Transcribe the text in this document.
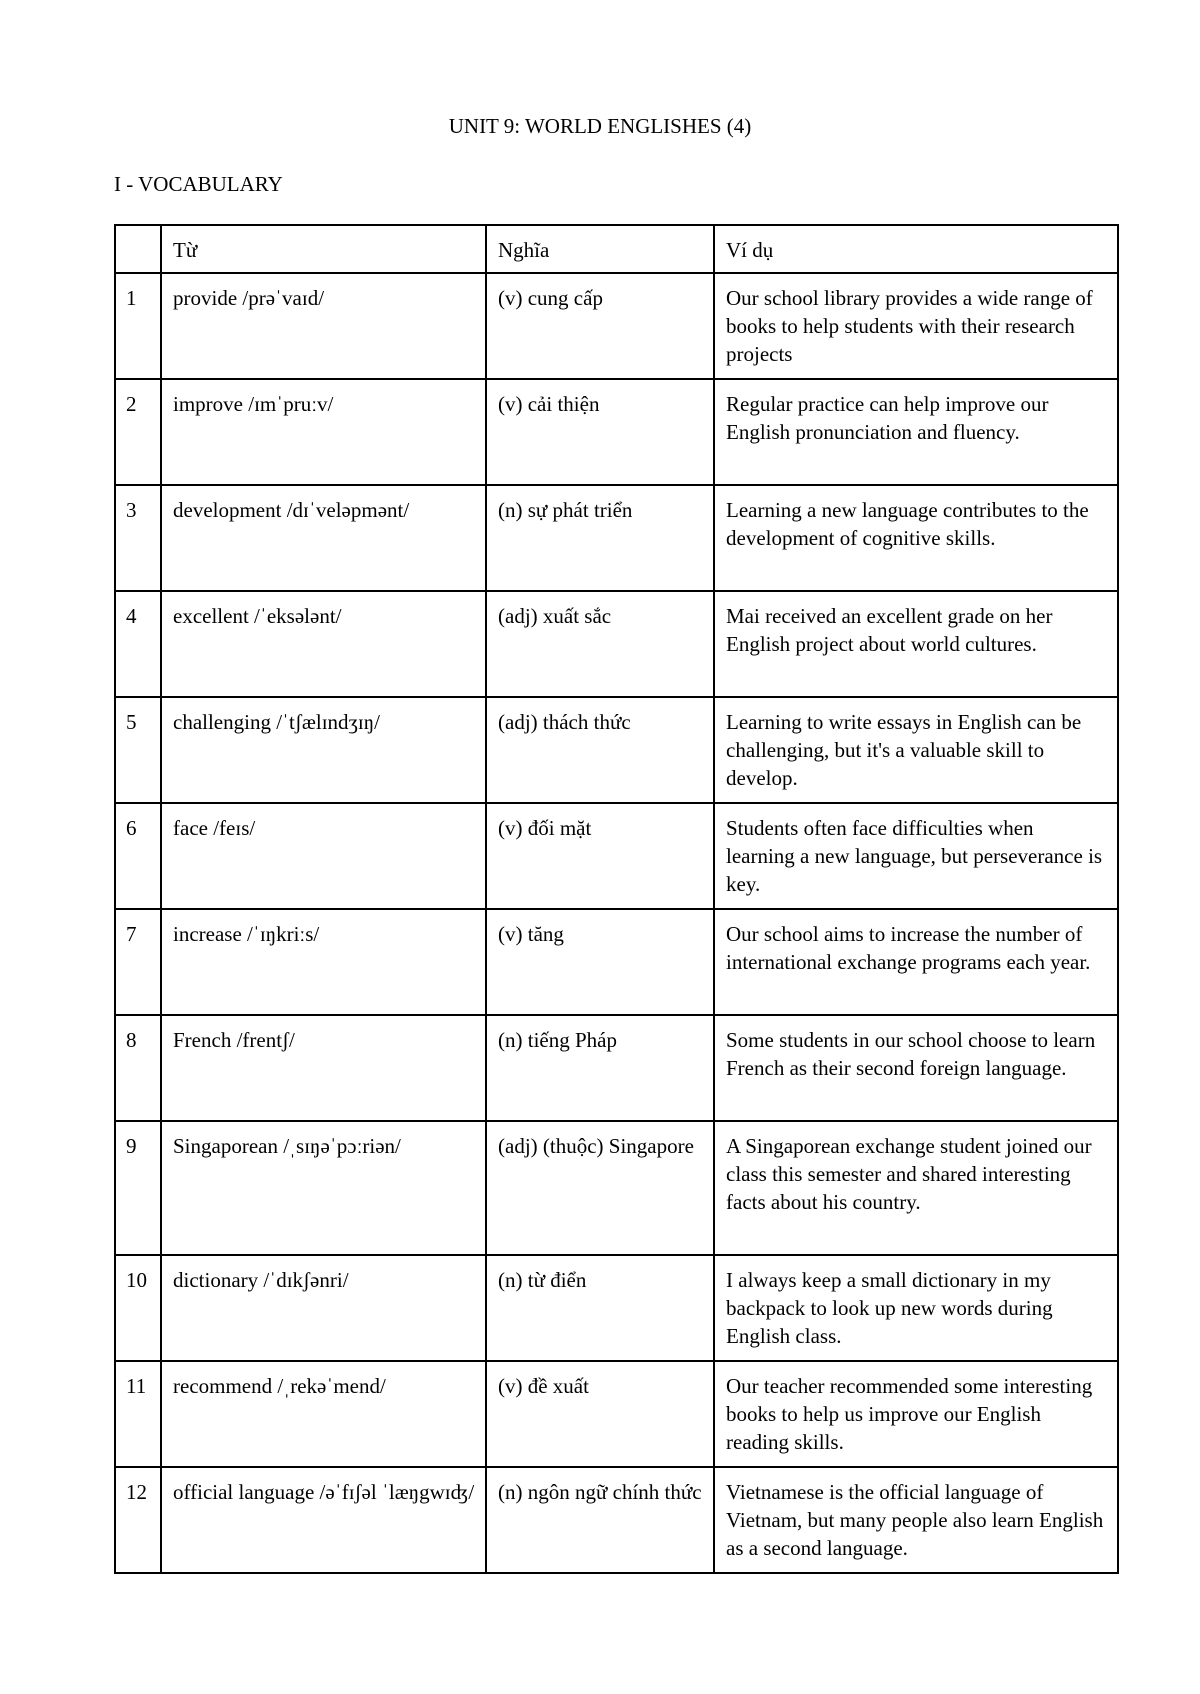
UNIT 9: WORLD ENGLISHES (4)
I - VOCABULARY
	Từ	Nghĩa	Ví dụ
1	provide /prəˈvaɪd/	(v) cung cấp	Our school library provides a wide range of books to help students with their research projects
2	improve /ɪmˈpruːv/	(v) cải thiện	Regular practice can help improve our English pronunciation and fluency.
3	development /dɪˈveləpmənt/	(n) sự phát triển	Learning a new language contributes to the development of cognitive skills.
4	excellent /ˈeksələnt/	(adj) xuất sắc	Mai received an excellent grade on her English project about world cultures.
5	challenging /ˈtʃælɪndʒɪŋ/	(adj) thách thức	Learning to write essays in English can be challenging, but it's a valuable skill to develop.
6	face /feɪs/	(v) đối mặt	Students often face difficulties when learning a new language, but perseverance is key.
7	increase /ˈɪŋkriːs/	(v) tăng	Our school aims to increase the number of international exchange programs each year.
8	French /frentʃ/	(n) tiếng Pháp	Some students in our school choose to learn French as their second foreign language.
9	Singaporean /ˌsɪŋəˈpɔːriən/	(adj) (thuộc) Singapore	A Singaporean exchange student joined our class this semester and shared interesting facts about his country.
10	dictionary /ˈdɪkʃənri/	(n) từ điển	I always keep a small dictionary in my backpack to look up new words during English class.
11	recommend /ˌrekəˈmend/	(v) đề xuất	Our teacher recommended some interesting books to help us improve our English reading skills.
12	official language /əˈfɪʃəl ˈlæŋgwɪʤ/	(n) ngôn ngữ chính thức	Vietnamese is the official language of Vietnam, but many people also learn English as a second language.
